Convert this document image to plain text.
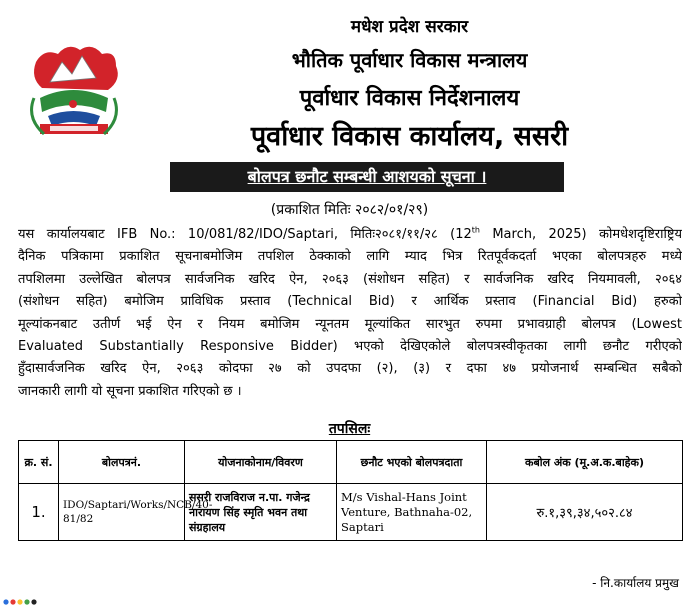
मधेश प्रदेश सरकार
भौतिक पूर्वाधार विकास मन्त्रालय
पूर्वाधार विकास निर्देशनालय
पूर्वाधार विकास कार्यालय, ससरी
बोलपत्र छनौट सम्बन्धी आशयको सूचना ।
(प्रकाशित मितिः २०८२/०१/२९)
यस कार्यालयबाट IFB No.: 10/081/82/IDO/Saptari, मितिः२०८१/११/२८ (12th March, 2025) कोमधेशदृष्टिराष्ट्रिय
दैनिक पत्रिकामा प्रकाशित सूचनाबमोजिम तपशिल ठेक्काको लागि म्याद भित्र रितपूर्वकदर्ता भएका बोलपत्रहरु मध्ये
तपशिलमा उल्लेखित बोलपत्र सार्वजनिक खरिद ऐन, २०६३ (संशोधन सहित) र सार्वजनिक खरिद नियमावली, २०६४
(संशोधन सहित) बमोजिम प्राविधिक प्रस्ताव (Technical Bid) र आर्थिक प्रस्ताव (Financial Bid) हरुको
मूल्यांकनबाट उतीर्ण भई ऐन र नियम बमोजिम न्यूनतम मूल्यांकित सारभुत रुपमा प्रभावग्राही बोलपत्र (Lowest
Evaluated Substantially Responsive Bidder) भएको देखिएकोले बोलपत्रस्वीकृतका लागी छनौट गरीएको
हुँदासार्वजनिक खरिद ऐन, २०६३ कोदफा २७ को उपदफा (२), (३) र दफा ४७ प्रयोजनार्थ सम्बन्धित सबैको
जानकारी लागी यो सूचना प्रकाशित गरिएको छ ।
तपसिलः
क्र. सं.	बोलपत्रनं.	योजनाकोनाम/विवरण	छनौट भएको बोलपत्रदाता	कबोल अंक (मू.अ.क.बाहेक)
1.	IDO/Saptari/Works/NCB/40-81/82	ससरी राजविराज न.पा. गजेन्द्र नारायण सिंह स्मृति भवन तथा संग्रहालय	M/s Vishal-Hans Joint Venture, Bathnaha-02, Saptari	रु.१,३९,३४,५०२.८४
- नि.कार्यालय प्रमुख
